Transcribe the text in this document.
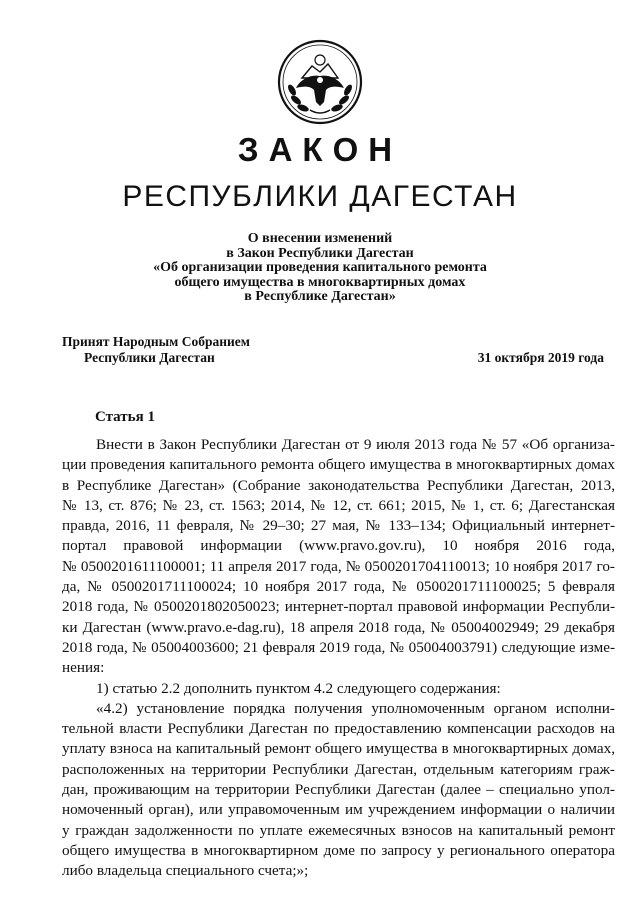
ЗАКОН
РЕСПУБЛИКИ ДАГЕСТАН
О внесении изменений
в Закон Республики Дагестан
«Об организации проведения капитального ремонта
общего имущества в многоквартирных домах
в Республике Дагестан»
Принят Народным Собранием
Республики Дагестан	31 октября 2019 года
Статья 1
Внести в Закон Республики Дагестан от 9 июля 2013 года № 57 «Об организа-
ции проведения капитального ремонта общего имущества в многоквартирных домах
в Республике Дагестан» (Собрание законодательства Республики Дагестан, 2013,
№ 13, ст. 876; № 23, ст. 1563; 2014, № 12, ст. 661; 2015, № 1, ст. 6; Дагестанская
правда, 2016, 11 февраля, № 29–30; 27 мая, № 133–134; Официальный интернет-
портал правовой информации (www.pravo.gov.ru), 10 ноября 2016 года,
№ 0500201611100001; 11 апреля 2017 года, № 0500201704110013; 10 ноября 2017 го-
да, № 0500201711100024; 10 ноября 2017 года, № 0500201711100025; 5 февраля
2018 года, № 0500201802050023; интернет-портал правовой информации Республи-
ки Дагестан (www.pravo.e-dag.ru), 18 апреля 2018 года, № 05004002949; 29 декабря
2018 года, № 05004003600; 21 февраля 2019 года, № 05004003791) следующие изме-
нения:
1) статью 2.2 дополнить пунктом 4.2 следующего содержания:
«4.2) установление порядка получения уполномоченным органом исполни-
тельной власти Республики Дагестан по предоставлению компенсации расходов на
уплату взноса на капитальный ремонт общего имущества в многоквартирных домах,
расположенных на территории Республики Дагестан, отдельным категориям граж-
дан, проживающим на территории Республики Дагестан (далее – специально упол-
номоченный орган), или управомоченным им учреждением информации о наличии
у граждан задолженности по уплате ежемесячных взносов на капитальный ремонт
общего имущества в многоквартирном доме по запросу у регионального оператора
либо владельца специального счета;»;
